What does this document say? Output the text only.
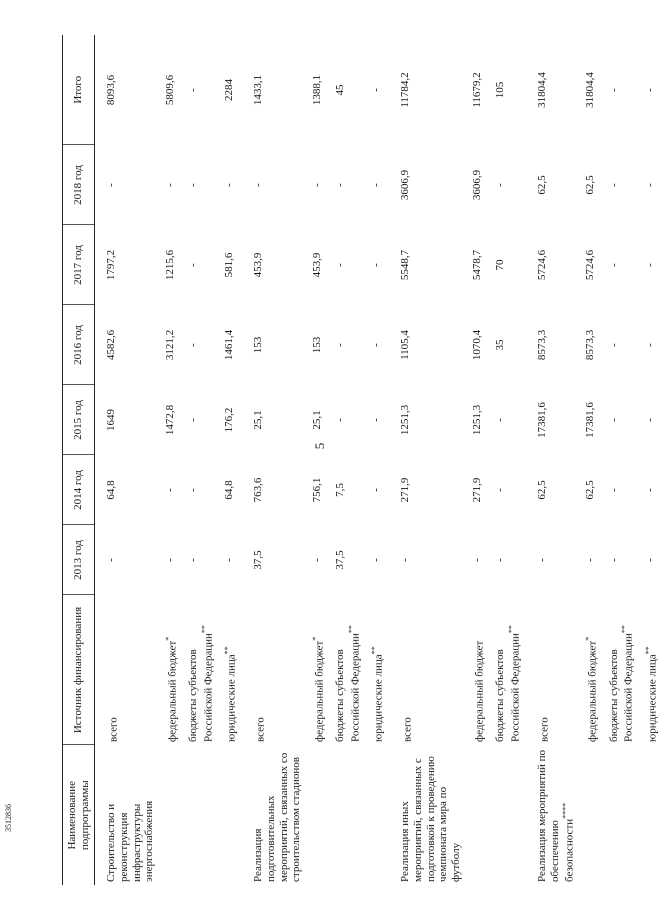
5
3512836	Наименование подпрограммы	Источник финансирования	2013 год	2014 год	2015 год	2016 год	2017 год	2018 год	Итого
Строительство и реконструкция инфраструктуры энергоснабжения	всего	-	64,8	1649	4582,6	1797,2	-	8093,6
	федеральный бюджет*	-	-	1472,8	3121,2	1215,6	-	5809,6
	бюджеты субъектов Российской Федерации**	-	-	-	-	-	-	-
	юридические лица**	-	64,8	176,2	1461,4	581,6	-	2284
Реализация подготовительных мероприятий, связанных со строительством стадионов	всего	37,5	763,6	25,1	153	453,9	-	1433,1
	федеральный бюджет*	-	756,1	25,1	153	453,9	-	1388,1
	бюджеты субъектов Российской Федерации**	37,5	7,5	-	-	-	-	45
	юридические лица**	-	-	-	-	-	-	-
Реализация иных мероприятий, связанных с подготовкой к проведению чемпионата мира по футболу	всего	-	271,9	1251,3	1105,4	5548,7	3606,9	11784,2
	федеральный бюджет	-	271,9	1251,3	1070,4	5478,7	3606,9	11679,2
	бюджеты субъектов Российской Федерации**	-	-	-	35	70	-	105
Реализация мероприятий по обеспечению безопасности****	всего	-	62,5	17381,6	8573,3	5724,6	62,5	31804,4
	федеральный бюджет*	-	62,5	17381,6	8573,3	5724,6	62,5	31804,4
	бюджеты субъектов Российской Федерации**	-	-	-	-	-	-	-
	юридические лица**	-	-	-	-	-	-	-
